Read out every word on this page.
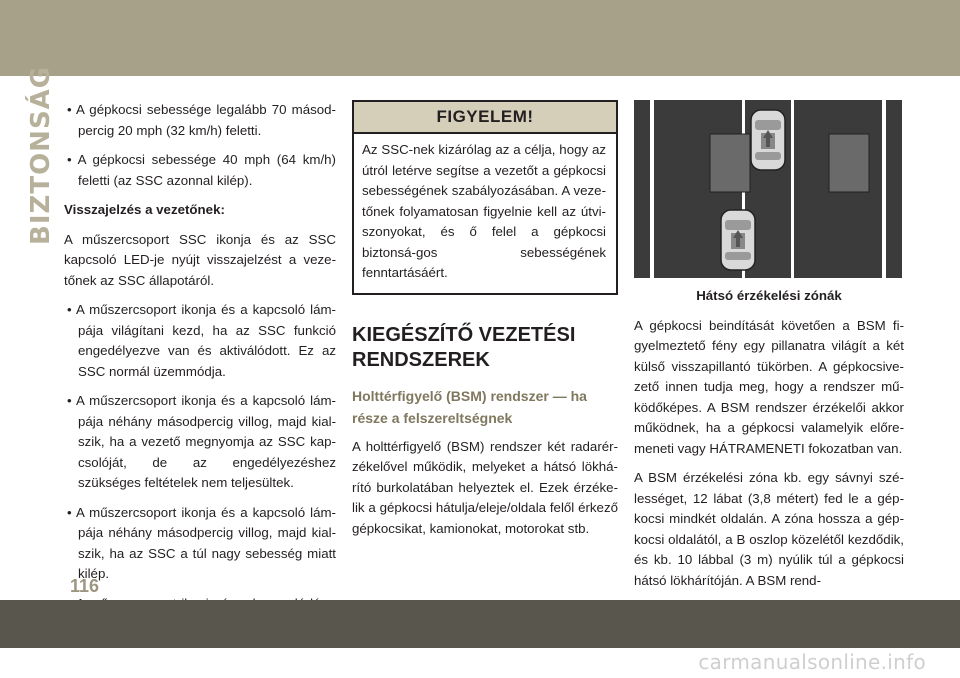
BIZTONSÁG • A gépkocsi sebessége legalább 70 másod-percig 20 mph (32 km/h) feletti.

• A gépkocsi sebessége 40 mph (64 km/h) feletti (az SSC azonnal kilép).

Visszajelzés a vezetőnek:

A műszercsoport SSC ikonja és az SSC kapcsoló LED-je nyújt visszajelzést a veze-tőnek az SSC állapotáról.

• A műszercsoport ikonja és a kapcsoló lám-pája világítani kezd, ha az SSC funkció engedélyezve van és aktiválódott. Ez az SSC normál üzemmódja.

• A műszercsoport ikonja és a kapcsoló lám-pája néhány másodpercig villog, majd kial-szik, ha a vezető megnyomja az SSC kap-csolóját, de az engedélyezéshez szükséges feltételek nem teljesültek.

• A műszercsoport ikonja és a kapcsoló lám-pája néhány másodpercig villog, majd kial-szik, ha az SSC a túl nagy sebesség miatt kilép.

FIGYELEM!
Az SSC-nek kizárólag az a célja, hogy az útról letérve segítse a vezetőt a gépkocsi sebességének szabályozásában. A veze-tőnek folyamatosan figyelnie kell az útvi-szonyokat, és ő felel a gépkocsi biztonsá-gos sebességének fenntartásáért.
KIEGÉSZÍTŐ VEZETÉSI RENDSZEREK
Holttérfigyelő (BSM) rendszer — ha része a felszereltségnek

A holttérfigyelő (BSM) rendszer két radarér-zékelővel működik, melyeket a hátsó lökhá-rító burkolatában helyeztek el. Ezek érzéke-lik a gépkocsi hátulja/eleje/oldala felől érkező gépkocsikat, kamionokat, motorokat stb.

Hátsó érzékelési zónák

A gépkocsi beindítását követően a BSM fi-gyelmeztető fény egy pillanatra világít a két külső visszapillantó tükörben. A gépkocsive-zető innen tudja meg, hogy a rendszer mű-ködőképes. A BSM rendszer érzékelői akkor működnek, ha a gépkocsi valamelyik előre-meneti vagy HÁTRAMENETI fokozatban van.

A BSM érzékelési zóna kb. egy sávnyi szé-lességet, 12 lábat (3,8 métert) fed le a gép-kocsi mindkét oldalán. A zóna hossza a gép-kocsi oldalától, a B oszlop közelétől kezdődik, és kb. 10 lábbal (3 m) nyúlik túl a gépkocsi hátsó lökhárítóján. A BSM rend-

116
carmanualsonline.info
